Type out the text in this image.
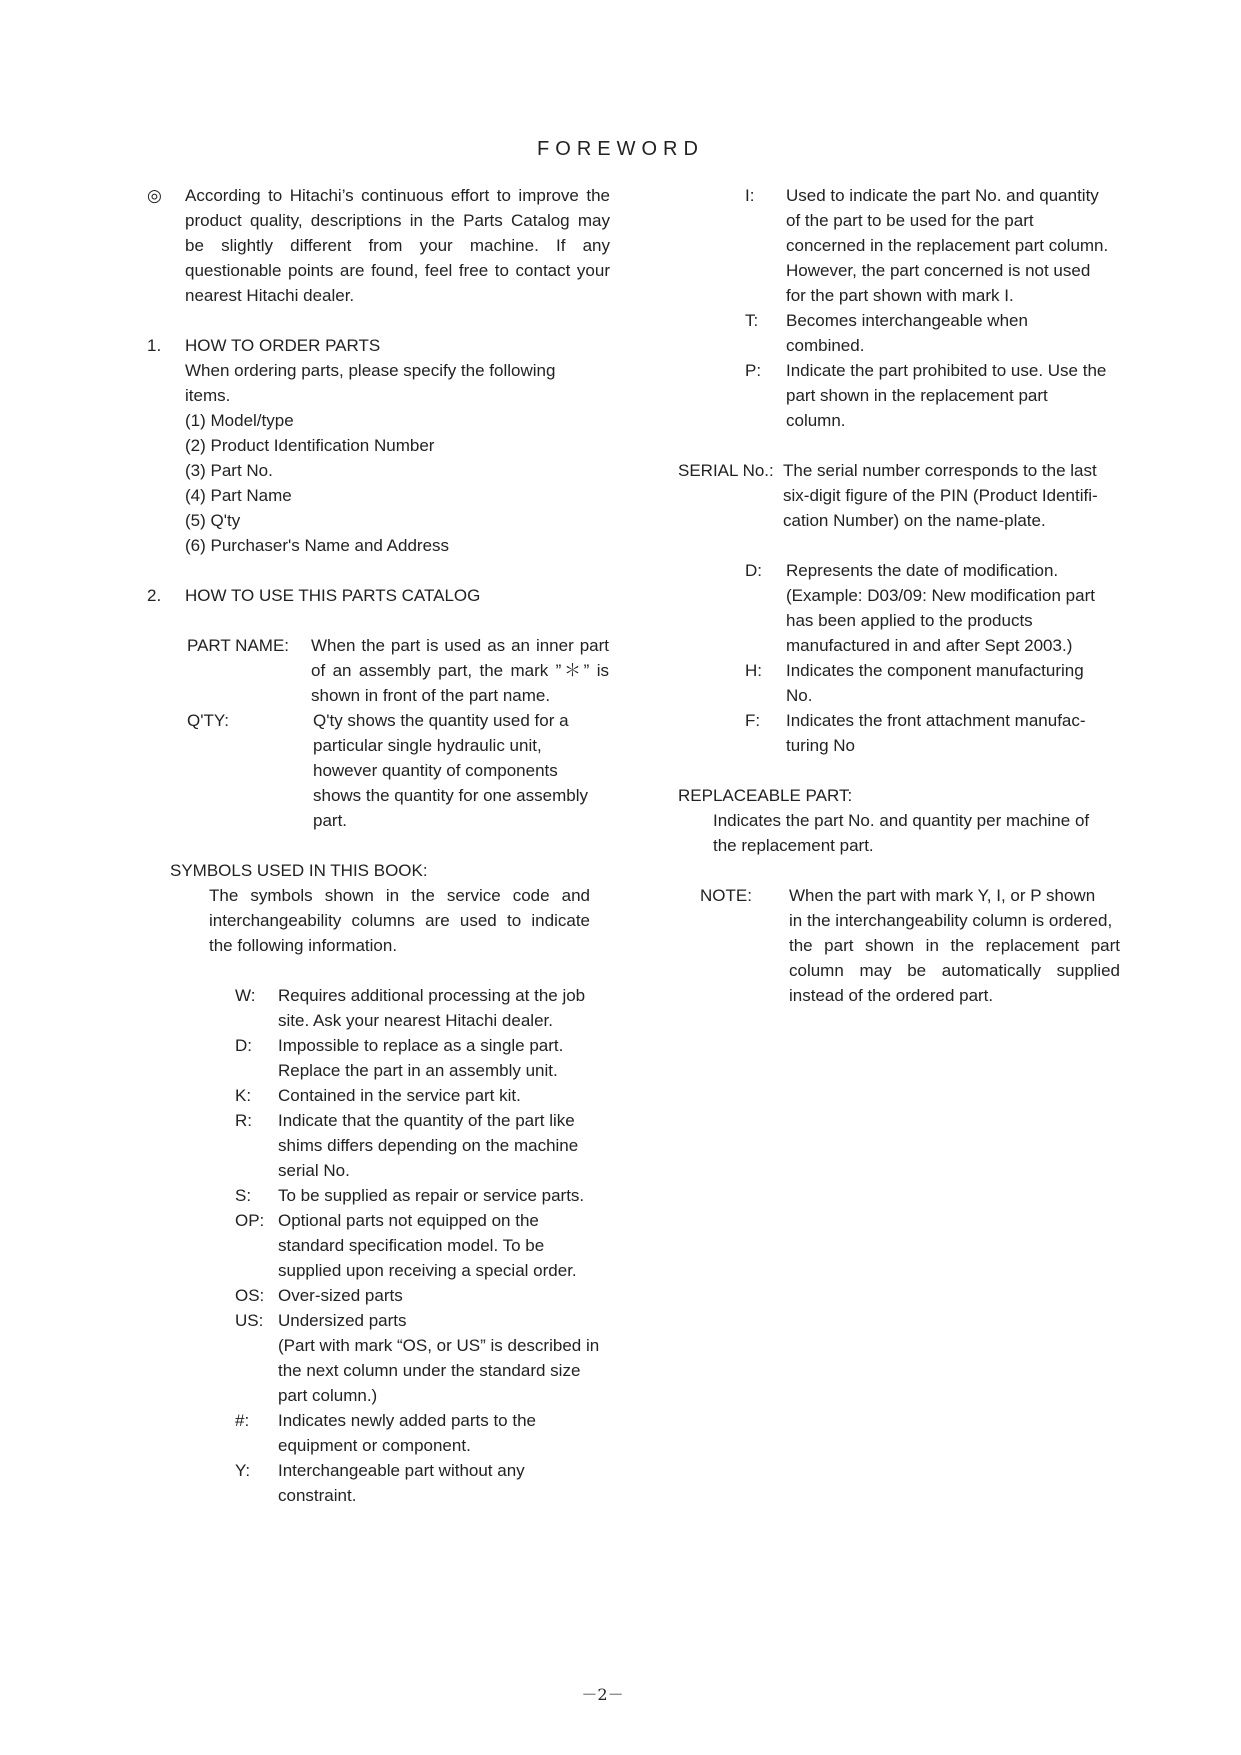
FOREWORD
◎ According to Hitachi’s continuous effort to improve the
product quality, descriptions in the Parts Catalog may
be slightly different from your machine. If any
questionable points are found, feel free to contact your
nearest Hitachi dealer.
1. HOW TO ORDER PARTS
When ordering parts, please specify the following
items.
(1) Model/type
(2) Product Identification Number
(3) Part No.
(4) Part Name
(5) Q'ty
(6) Purchaser's Name and Address
2. HOW TO USE THIS PARTS CATALOG
PART NAME: When the part is used as an inner part
of an assembly part, the mark ”＊” is
shown in front of the part name.
Q'TY:	Q'ty shows the quantity used for a
particular single hydraulic unit,
however quantity of components
shows the quantity for one assembly
part.
SYMBOLS USED IN THIS BOOK:
The symbols shown in the service code and
interchangeability columns are used to indicate
the following information.
W: Requires additional processing at the job
site. Ask your nearest Hitachi dealer.
D: Impossible to replace as a single part.
Replace the part in an assembly unit.
K: Contained in the service part kit.
R: Indicate that the quantity of the part like
shims differs depending on the machine
serial No.
S: To be supplied as repair or service parts.
OP: Optional parts not equipped on the
standard specification model. To be
supplied upon receiving a special order.
OS: Over-sized parts
US: Undersized parts
(Part with mark “OS, or US” is described in
the next column under the standard size
part column.)
#: Indicates newly added parts to the
equipment or component.
Y: Interchangeable part without any
constraint.
I: Used to indicate the part No. and quantity
of the part to be used for the part
concerned in the replacement part column.
However, the part concerned is not used
for the part shown with mark I.
T: Becomes interchangeable when
combined.
P: Indicate the part prohibited to use. Use the
part shown in the replacement part
column.
SERIAL No.: The serial number corresponds to the last
six-digit figure of the PIN (Product Identifi-
cation Number) on the name-plate.
D: Represents the date of modification.
(Example: D03/09: New modification part
has been applied to the products
manufactured in and after Sept 2003.)
H: Indicates the component manufacturing
No.
F: Indicates the front attachment manufac-
turing No
REPLACEABLE PART:
Indicates the part No. and quantity per machine of
the replacement part.
NOTE: When the part with mark Y, I, or P shown
in the interchangeability column is ordered,
the part shown in the replacement part
column may be automatically supplied
instead of the ordered part.
－2－
